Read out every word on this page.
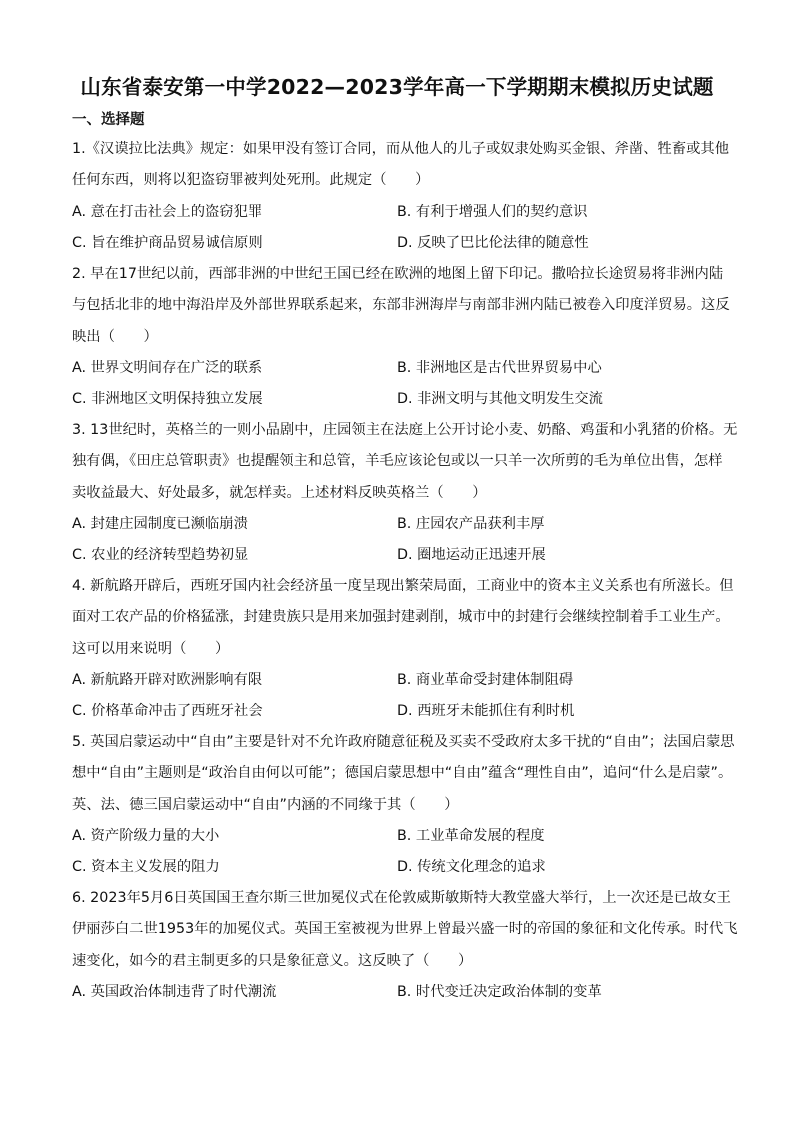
山东省泰安第一中学2022—2023学年高一下学期期末模拟历史试题
一、选择题

1.《汉谟拉比法典》规定：如果甲没有签订合同，而从他人的儿子或奴隶处购买金银、斧凿、牲畜或其他

任何东西，则将以犯盗窃罪被判处死刑。此规定（　　）

A. 意在打击社会上的盗窃犯罪	B. 有利于增强人们的契约意识
C. 旨在维护商品贸易诚信原则	D. 反映了巴比伦法律的随意性

2. 早在17世纪以前，西部非洲的中世纪王国已经在欧洲的地图上留下印记。撒哈拉长途贸易将非洲内陆

与包括北非的地中海沿岸及外部世界联系起来，东部非洲海岸与南部非洲内陆已被卷入印度洋贸易。这反

映出（　　）

A. 世界文明间存在广泛的联系	B. 非洲地区是古代世界贸易中心
C. 非洲地区文明保持独立发展	D. 非洲文明与其他文明发生交流

3. 13世纪时，英格兰的一则小品剧中，庄园领主在法庭上公开讨论小麦、奶酪、鸡蛋和小乳猪的价格。无

独有偶，《田庄总管职责》也提醒领主和总管，羊毛应该论包或以一只羊一次所剪的毛为单位出售，怎样

卖收益最大、好处最多，就怎样卖。上述材料反映英格兰（　　）

A. 封建庄园制度已濒临崩溃	B. 庄园农产品获利丰厚
C. 农业的经济转型趋势初显	D. 圈地运动正迅速开展

4. 新航路开辟后，西班牙国内社会经济虽一度呈现出繁荣局面，工商业中的资本主义关系也有所滋长。但

面对工农产品的价格猛涨，封建贵族只是用来加强封建剥削，城市中的封建行会继续控制着手工业生产。

这可以用来说明（　　）

A. 新航路开辟对欧洲影响有限	B. 商业革命受封建体制阻碍
C. 价格革命冲击了西班牙社会	D. 西班牙未能抓住有利时机

5. 英国启蒙运动中“自由”主要是针对不允许政府随意征税及买卖不受政府太多干扰的“自由”；法国启蒙思

想中“自由”主题则是“政治自由何以可能”；德国启蒙思想中“自由”蕴含“理性自由”，追问“什么是启蒙”。

英、法、德三国启蒙运动中“自由”内涵的不同缘于其（　　）

A. 资产阶级力量的大小	B. 工业革命发展的程度
C. 资本主义发展的阻力	D. 传统文化理念的追求

6. 2023年5月6日英国国王查尔斯三世加冕仪式在伦敦威斯敏斯特大教堂盛大举行，上一次还是已故女王

伊丽莎白二世1953年的加冕仪式。英国王室被视为世界上曾最兴盛一时的帝国的象征和文化传承。时代飞

速变化，如今的君主制更多的只是象征意义。这反映了（　　）

A. 英国政治体制违背了时代潮流	B. 时代变迁决定政治体制的变革
